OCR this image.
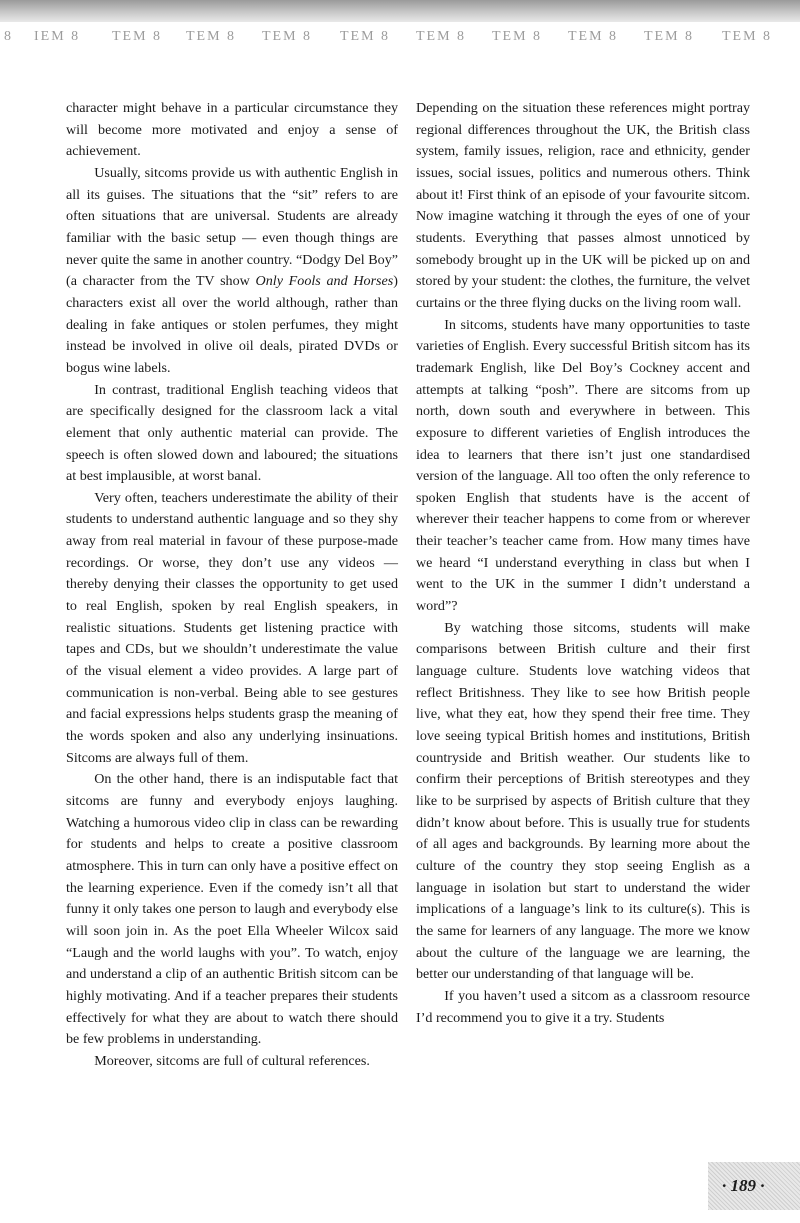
8 IEM 8 TEM 8 TEM 8 TEM 8 TEM 8 TEM 8 TEM 8 TEM 8 TEM 8 TEM 8

character might behave in a particular circumstance they will become more motivated and enjoy a sense of achievement.

Usually, sitcoms provide us with authentic English in all its guises. The situations that the “sit” refers to are often situations that are universal. Students are already familiar with the basic setup — even though things are never quite the same in another country. “Dodgy Del Boy” (a character from the TV show Only Fools and Horses) characters exist all over the world although, rather than dealing in fake antiques or stolen perfumes, they might instead be involved in olive oil deals, pirated DVDs or bogus wine labels.

In contrast, traditional English teaching videos that are specifically designed for the classroom lack a vital element that only authentic material can provide. The speech is often slowed down and laboured; the situations at best implausible, at worst banal.

Very often, teachers underestimate the ability of their students to understand authentic language and so they shy away from real material in favour of these purpose-made recordings. Or worse, they don’t use any videos — thereby denying their classes the opportunity to get used to real English, spoken by real English speakers, in realistic situations. Students get listening practice with tapes and CDs, but we shouldn’t underestimate the value of the visual element a video provides. A large part of communication is non-verbal. Being able to see gestures and facial expressions helps students grasp the meaning of the words spoken and also any underlying insinuations. Sitcoms are always full of them.

On the other hand, there is an indisputable fact that sitcoms are funny and everybody enjoys laughing. Watching a humorous video clip in class can be rewarding for students and helps to create a positive classroom atmosphere. This in turn can only have a positive effect on the learning experience. Even if the comedy isn’t all that funny it only takes one person to laugh and everybody else will soon join in. As the poet Ella Wheeler Wilcox said “Laugh and the world laughs with you”. To watch, enjoy and understand a clip of an authentic British sitcom can be highly motivating. And if a teacher prepares their students effectively for what they are about to watch there should be few problems in understanding.

Moreover, sitcoms are full of cultural references.

Depending on the situation these references might portray regional differences throughout the UK, the British class system, family issues, religion, race and ethnicity, gender issues, social issues, politics and numerous others. Think about it! First think of an episode of your favourite sitcom. Now imagine watching it through the eyes of one of your students. Everything that passes almost unnoticed by somebody brought up in the UK will be picked up on and stored by your student: the clothes, the furniture, the velvet curtains or the three flying ducks on the living room wall.

In sitcoms, students have many opportunities to taste varieties of English. Every successful British sitcom has its trademark English, like Del Boy’s Cockney accent and attempts at talking “posh”. There are sitcoms from up north, down south and everywhere in between. This exposure to different varieties of English introduces the idea to learners that there isn’t just one standardised version of the language. All too often the only reference to spoken English that students have is the accent of wherever their teacher happens to come from or wherever their teacher’s teacher came from. How many times have we heard “I understand everything in class but when I went to the UK in the summer I didn’t understand a word”?

By watching those sitcoms, students will make comparisons between British culture and their first language culture. Students love watching videos that reflect Britishness. They like to see how British people live, what they eat, how they spend their free time. They love seeing typical British homes and institutions, British countryside and British weather. Our students like to confirm their perceptions of British stereotypes and they like to be surprised by aspects of British culture that they didn’t know about before. This is usually true for students of all ages and backgrounds. By learning more about the culture of the country they stop seeing English as a language in isolation but start to understand the wider implications of a language’s link to its culture(s). This is the same for learners of any language. The more we know about the culture of the language we are learning, the better our understanding of that language will be.

If you haven’t used a sitcom as a classroom resource I’d recommend you to give it a try. Students

· 189 ·
